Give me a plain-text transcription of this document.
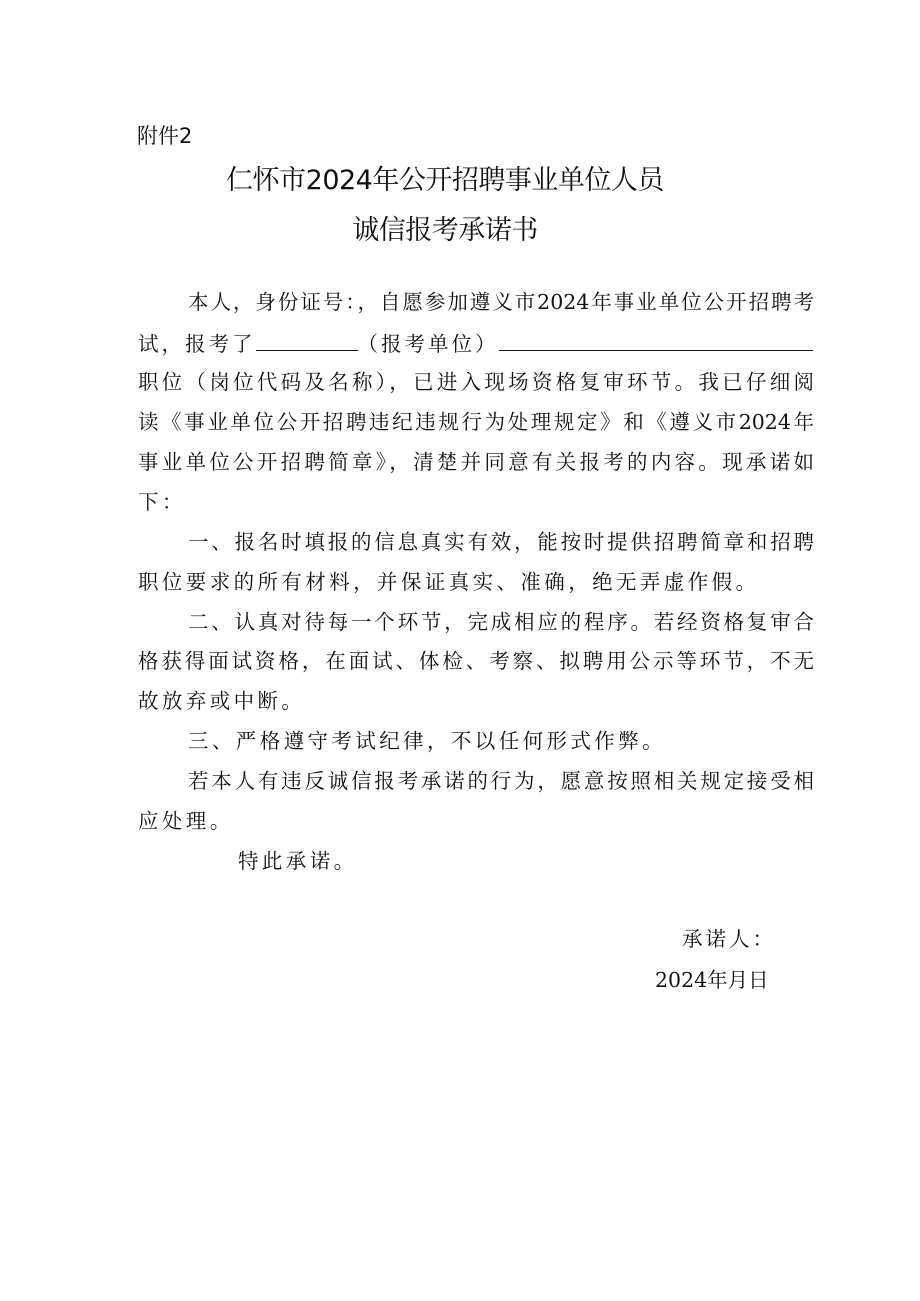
附件2
仁怀市2024年公开招聘事业单位人员
诚信报考承诺书
本人，身份证号：，自愿参加遵义市2024年事业单位公开招聘考
试，报考了	（报考单位）
职位（岗位代码及名称），已进入现场资格复审环节。我已仔细阅
读《事业单位公开招聘违纪违规行为处理规定》和《遵义市2024年
事业单位公开招聘简章》，清楚并同意有关报考的内容。现承诺如
下：
一、报名时填报的信息真实有效，能按时提供招聘简章和招聘
职位要求的所有材料，并保证真实、准确，绝无弄虚作假。
二、认真对待每一个环节，完成相应的程序。若经资格复审合
格获得面试资格，在面试、体检、考察、拟聘用公示等环节，不无
故放弃或中断。
三、严格遵守考试纪律，不以任何形式作弊。
若本人有违反诚信报考承诺的行为，愿意按照相关规定接受相
应处理。
特此承诺。
承诺人：
2024年月日
